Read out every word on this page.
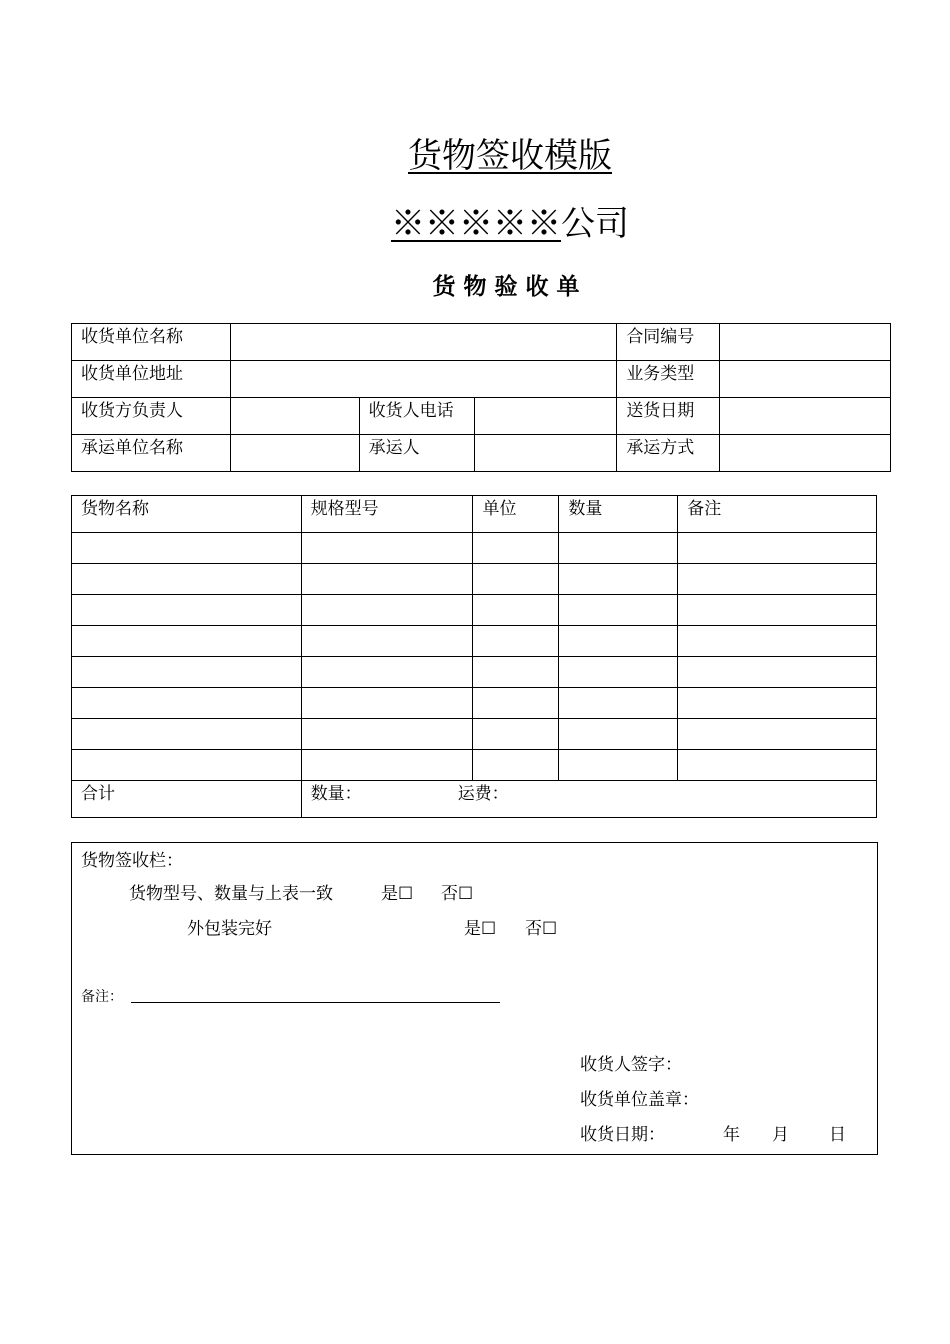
货物签收模版
※※※※※公司
货物验收单
收货单位名称				合同编号	
收货单位地址				业务类型	
收货方负责人		收货人电话		送货日期	
承运单位名称		承运人		承运方式	
货物名称	规格型号	单位	数量	备注

合计	数量： 运费：			
货物签收栏：
货物型号、数量与上表一致	是☐ 否☐
外包装完好	是☐ 否☐
备注：
收货人签字：
收货单位盖章：
收货日期：	年 月 日
